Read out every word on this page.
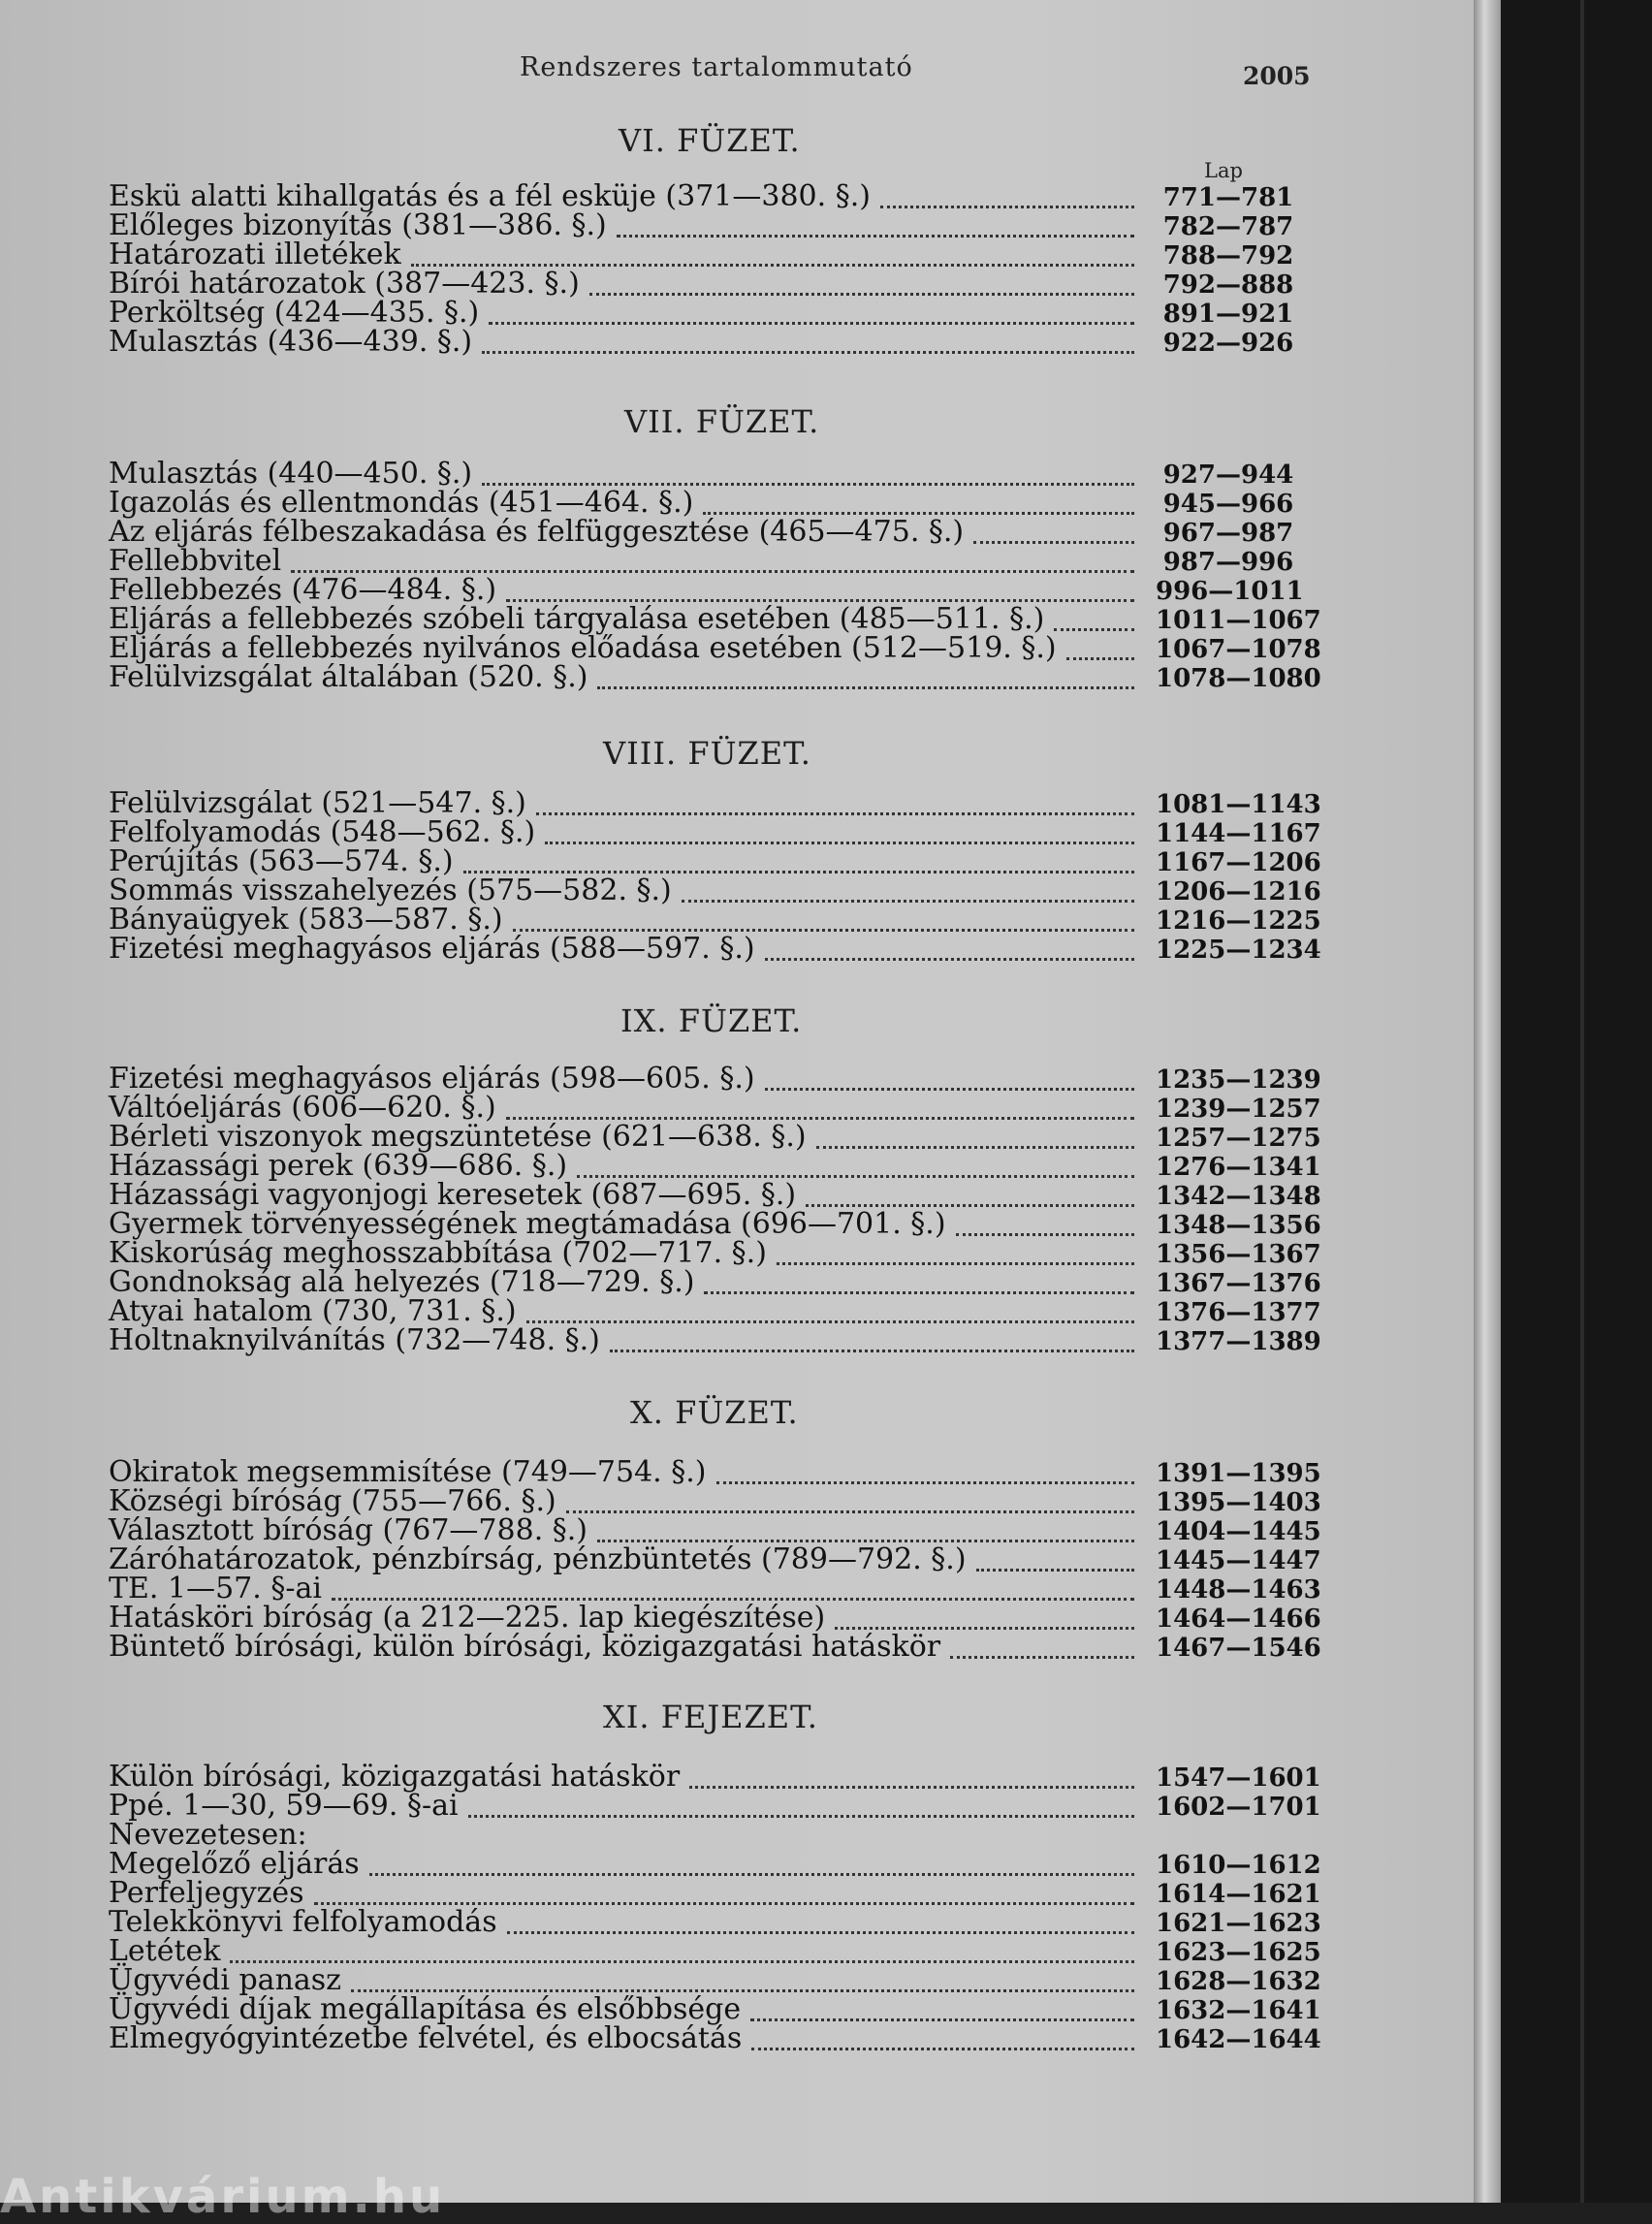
Rendszeres tartalommutató	2005
Lap
VI. FÜZET.
Eskü alatti kihallgatás és a fél esküje (371—380. §.)	771—781
Előleges bizonyítás (381—386. §.)	782—787
Határozati illetékek	788—792
Bírói határozatok (387—423. §.)	792—888
Perköltség (424—435. §.)	891—921
Mulasztás (436—439. §.)	922—926
VII. FÜZET.
Mulasztás (440—450. §.)	927—944
Igazolás és ellentmondás (451—464. §.)	945—966
Az eljárás félbeszakadása és felfüggesztése (465—475. §.)	967—987
Fellebbvitel	987—996
Fellebbezés (476—484. §.)	996—1011
Eljárás a fellebbezés szóbeli tárgyalása esetében (485—511. §.)	1011—1067
Eljárás a fellebbezés nyilvános előadása esetében (512—519. §.)	1067—1078
Felülvizsgálat általában (520. §.)	1078—1080
VIII. FÜZET.
Felülvizsgálat (521—547. §.)	1081—1143
Felfolyamodás (548—562. §.)	1144—1167
Perújítás (563—574. §.)	1167—1206
Sommás visszahelyezés (575—582. §.)	1206—1216
Bányaügyek (583—587. §.)	1216—1225
Fizetési meghagyásos eljárás (588—597. §.)	1225—1234
IX. FÜZET.
Fizetési meghagyásos eljárás (598—605. §.)	1235—1239
Váltóeljárás (606—620. §.)	1239—1257
Bérleti viszonyok megszüntetése (621—638. §.)	1257—1275
Házassági perek (639—686. §.)	1276—1341
Házassági vagyonjogi keresetek (687—695. §.)	1342—1348
Gyermek törvényességének megtámadása (696—701. §.)	1348—1356
Kiskorúság meghosszabbítása (702—717. §.)	1356—1367
Gondnokság alá helyezés (718—729. §.)	1367—1376
Atyai hatalom (730, 731. §.)	1376—1377
Holtnaknyilvánítás (732—748. §.)	1377—1389
X. FÜZET.
Okiratok megsemmisítése (749—754. §.)	1391—1395
Községi bíróság (755—766. §.)	1395—1403
Választott bíróság (767—788. §.)	1404—1445
Záróhatározatok, pénzbírság, pénzbüntetés (789—792. §.)	1445—1447
TE. 1—57. §-ai	1448—1463
Hatásköri bíróság (a 212—225. lap kiegészítése)	1464—1466
Büntető bírósági, külön bírósági, közigazgatási hatáskör	1467—1546
XI. FEJEZET.
Külön bírósági, közigazgatási hatáskör	1547—1601
Ppé. 1—30, 59—69. §-ai	1602—1701
Nevezetesen:
Megelőző eljárás	1610—1612
Perfeljegyzés	1614—1621
Telekkönyvi felfolyamodás	1621—1623
Letétek	1623—1625
Ügyvédi panasz	1628—1632
Ügyvédi díjak megállapítása és elsőbbsége	1632—1641
Elmegyógyintézetbe felvétel, és elbocsátás	1642—1644
Antikvárium.hu
